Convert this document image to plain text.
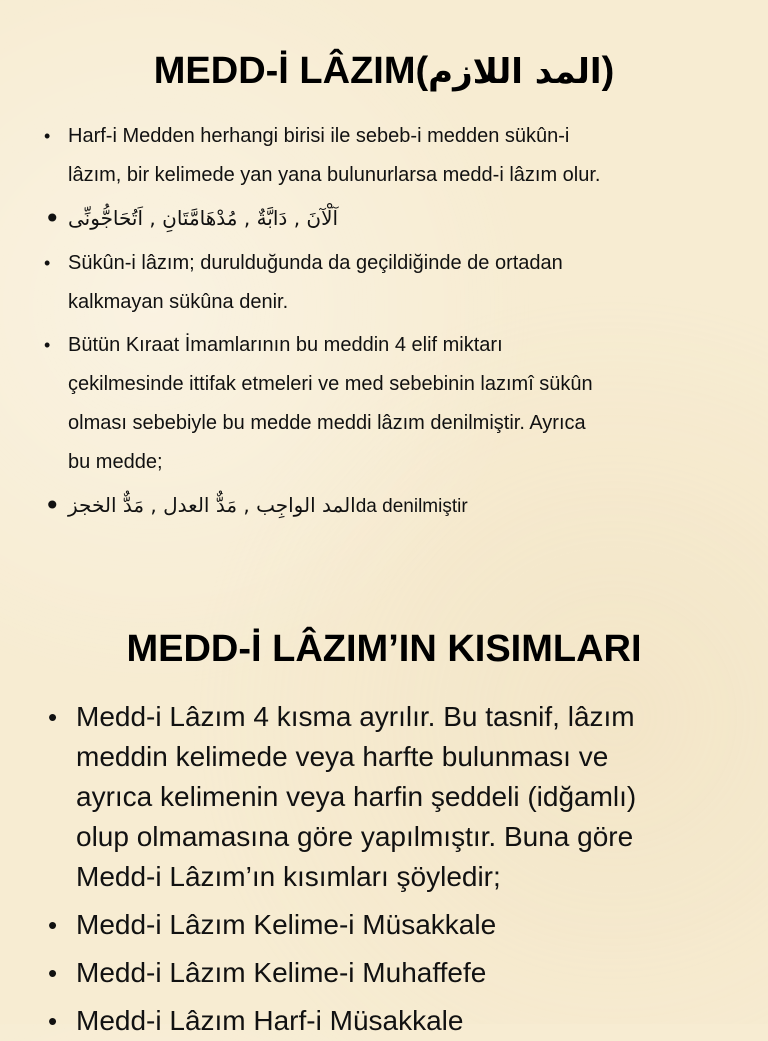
MEDD-İ LÂZIM(المد اللازم)
• Harf-i Medden herhangi birisi ile sebeb-i medden sükûn-i
lâzım, bir kelimede yan yana bulunurlarsa medd-i lâzım olur.
• آلْآنَ , دَابَّةٌ , مُدْهَامَّتَانِ , اَتُحَاجُّونِّى
• Sükûn-i lâzım; durulduğunda da geçildiğinde de ortadan
kalkmayan sükûna denir.
• Bütün Kıraat İmamlarının bu meddin 4 elif miktarı
çekilmesinde ittifak etmeleri ve med sebebinin lazımî sükûn
olması sebebiyle bu medde meddi lâzım denilmiştir. Ayrıca
bu medde;
• المد الواجِب , مَدٌّ العدل , مَدٌّ الخجزda denilmiştir
MEDD-İ LÂZIM’IN KISIMLARI
• Medd-i Lâzım 4 kısma ayrılır. Bu tasnif, lâzım
meddin kelimede veya harfte bulunması ve
ayrıca kelimenin veya harfin şeddeli (idğamlı)
olup olmamasına göre yapılmıştır. Buna göre
Medd-i Lâzım’ın kısımları şöyledir;
• Medd-i Lâzım Kelime-i Müsakkale
• Medd-i Lâzım Kelime-i Muhaffefe
• Medd-i Lâzım Harf-i Müsakkale
